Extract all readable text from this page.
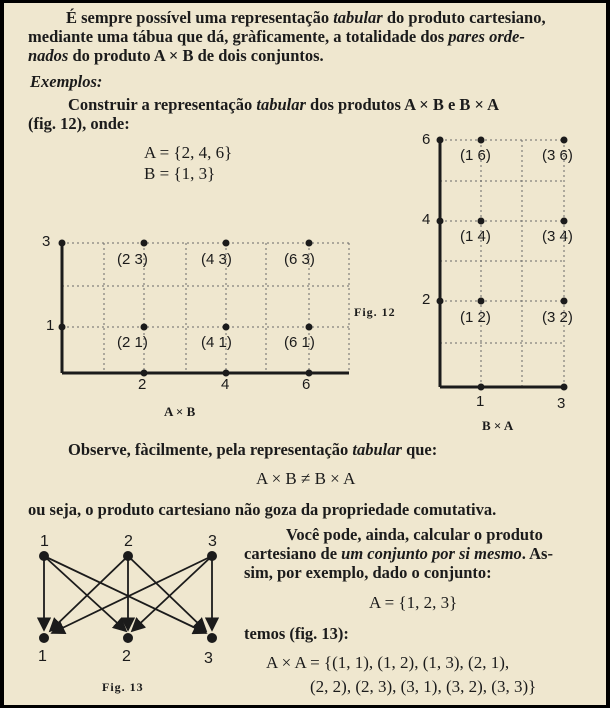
É sempre possível uma representação tabular do produto cartesiano,
mediante uma tábua que dá, gràficamente, a totalidade dos pares orde-
nados do produto A × B de dois conjuntos.
Exemplos:
Construir a representação tabular dos produtos A × B e B × A
(fig. 12), onde:
A = {2, 4, 6}
B = {1, 3}
3
1
2	4	6
(2 3)	(4 3)	(6 3)
(2 1)	(4 1)	(6 1)
A × B
Fig. 12
6
4
2
1	3
(1 6)	(3 6)
(1 4)	(3 4)
(1 2)	(3 2)
B × A
Observe, fàcilmente, pela representação tabular que:
A × B ≠ B × A
ou seja, o produto cartesiano não goza da propriedade comutativa.
Você pode, ainda, calcular o produto
cartesiano de um conjunto por si mesmo. As-
sim, por exemplo, dado o conjunto:
A = {1, 2, 3}
temos (fig. 13):
A × A = {(1, 1), (1, 2), (1, 3), (2, 1),
(2, 2), (2, 3), (3, 1), (3, 2), (3, 3)}
1	2	3
1	2	3
Fig. 13
